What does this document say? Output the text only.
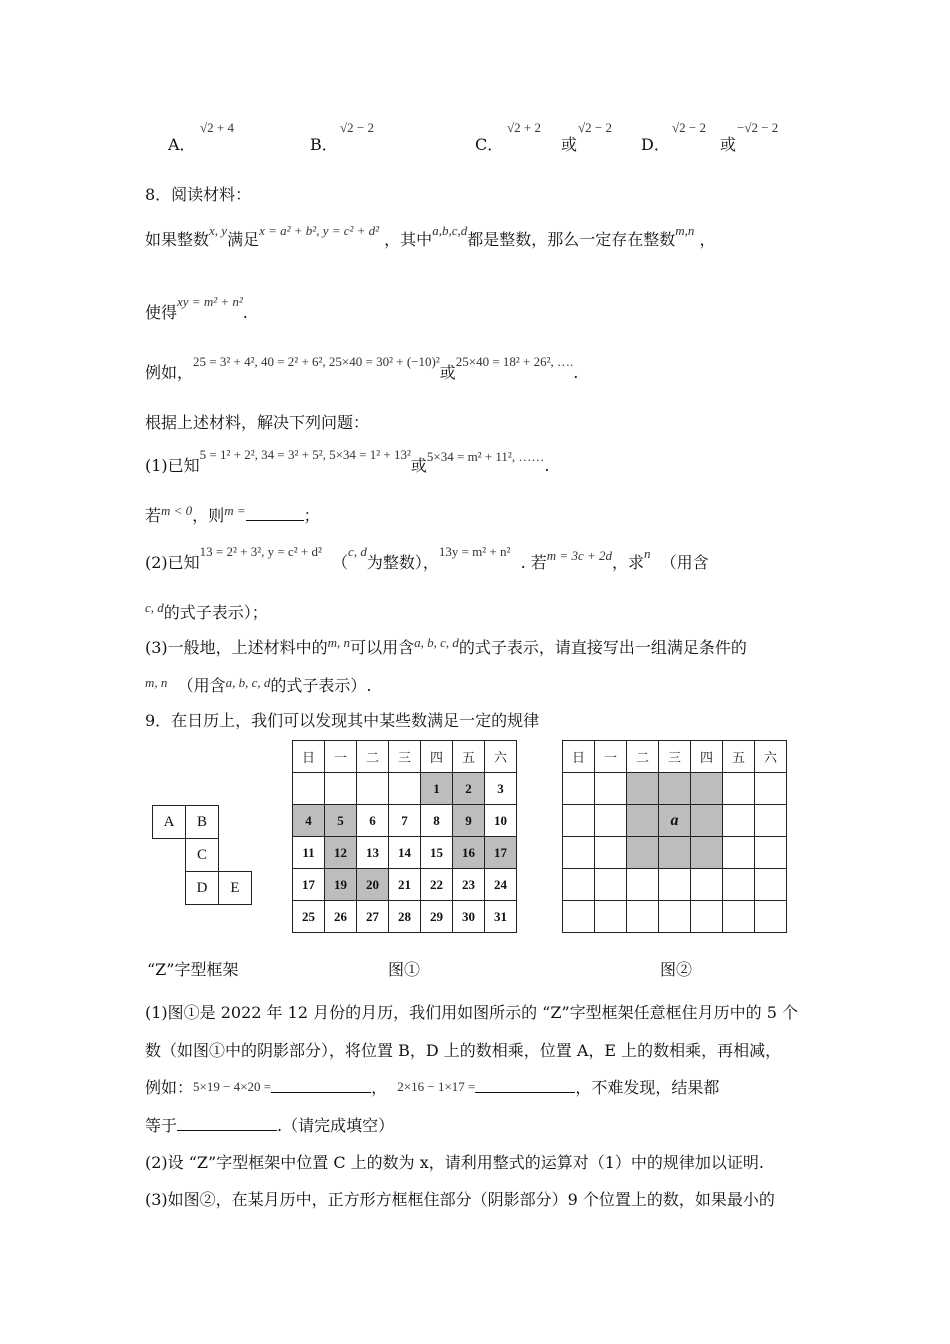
A．
√2 + 4
B．
√2 − 2
C．
√2 + 2
或
√2 − 2
D．
√2 − 2
或
−√2 − 2
8．阅读材料：
如果整数$^{x, y}$满足$^{x = a^2 + b^2, y = c^2 + d^2}$ ，其中$^{a,b,c,d}$都是整数，那么一定存在整数$^{m,n}$ ，
使得$^{xy = m^2 + n^2}$.
例如，$^{25 = 3^2 + 4^2, 40 = 2^2 + 6^2, 25\times 40 = 30^2 + (-10)^2}$或$^{25\times 40 = 18^2 + 26^2, \dots.}$.
根据上述材料，解决下列问题：
(1)已知$^{5 = 1^2 + 2^2, 34 = 3^2 + 5^2, 5\times 34 = 1^2 + 13^2}$或$^{5\times 34 = m^2 + 11^2, \dots\dots}$.
若$^{m < 0}$，则$^{m =}$	；
(2)已知$^{13 = 2^2 + 3^2, y = c^2 + d^2}$  （$^{c, d}$为整数），$^{13y = m^2 + n^2}$  . 若$^{m = 3c + 2d}$，求$^n$ （用含
$^{c, d}$的式子表示）；
(3)一般地，上述材料中的$^{m, n}$可以用含$^{a, b, c, d}$的式子表示，请直接写出一组满足条件的
$^{m, n}$ （用含$^{a, b, c, d}$的式子表示）.
9．在日历上，我们可以发现其中某些数满足一定的规律
A	B
C
D	E
“Z”字型框架
日	一	二	三	四	五	六
				1	2	3
4	5	6	7	8	9	10
11	12	13	14	15	16	17
17	19	20	21	22	23	24
25	26	27	28	29	30	31
图①
日	一	二	三	四	五	六

			a			

图②
(1)图①是 2022 年 12 月份的月历，我们用如图所示的 “Z”字型框架任意框住月历中的 5 个
数（如图①中的阴影部分），将位置 B，D 上的数相乘，位置 A，E 上的数相乘，再相减，
例如：5×19 − 4×20 =	， 2×16 − 1×17 =	，不难发现，结果都
等于	.（请完成填空）
(2)设 “Z”字型框架中位置 C 上的数为 x，请利用整式的运算对（1）中的规律加以证明.
(3)如图②，在某月历中，正方形方框框住部分（阴影部分）9 个位置上的数，如果最小的
